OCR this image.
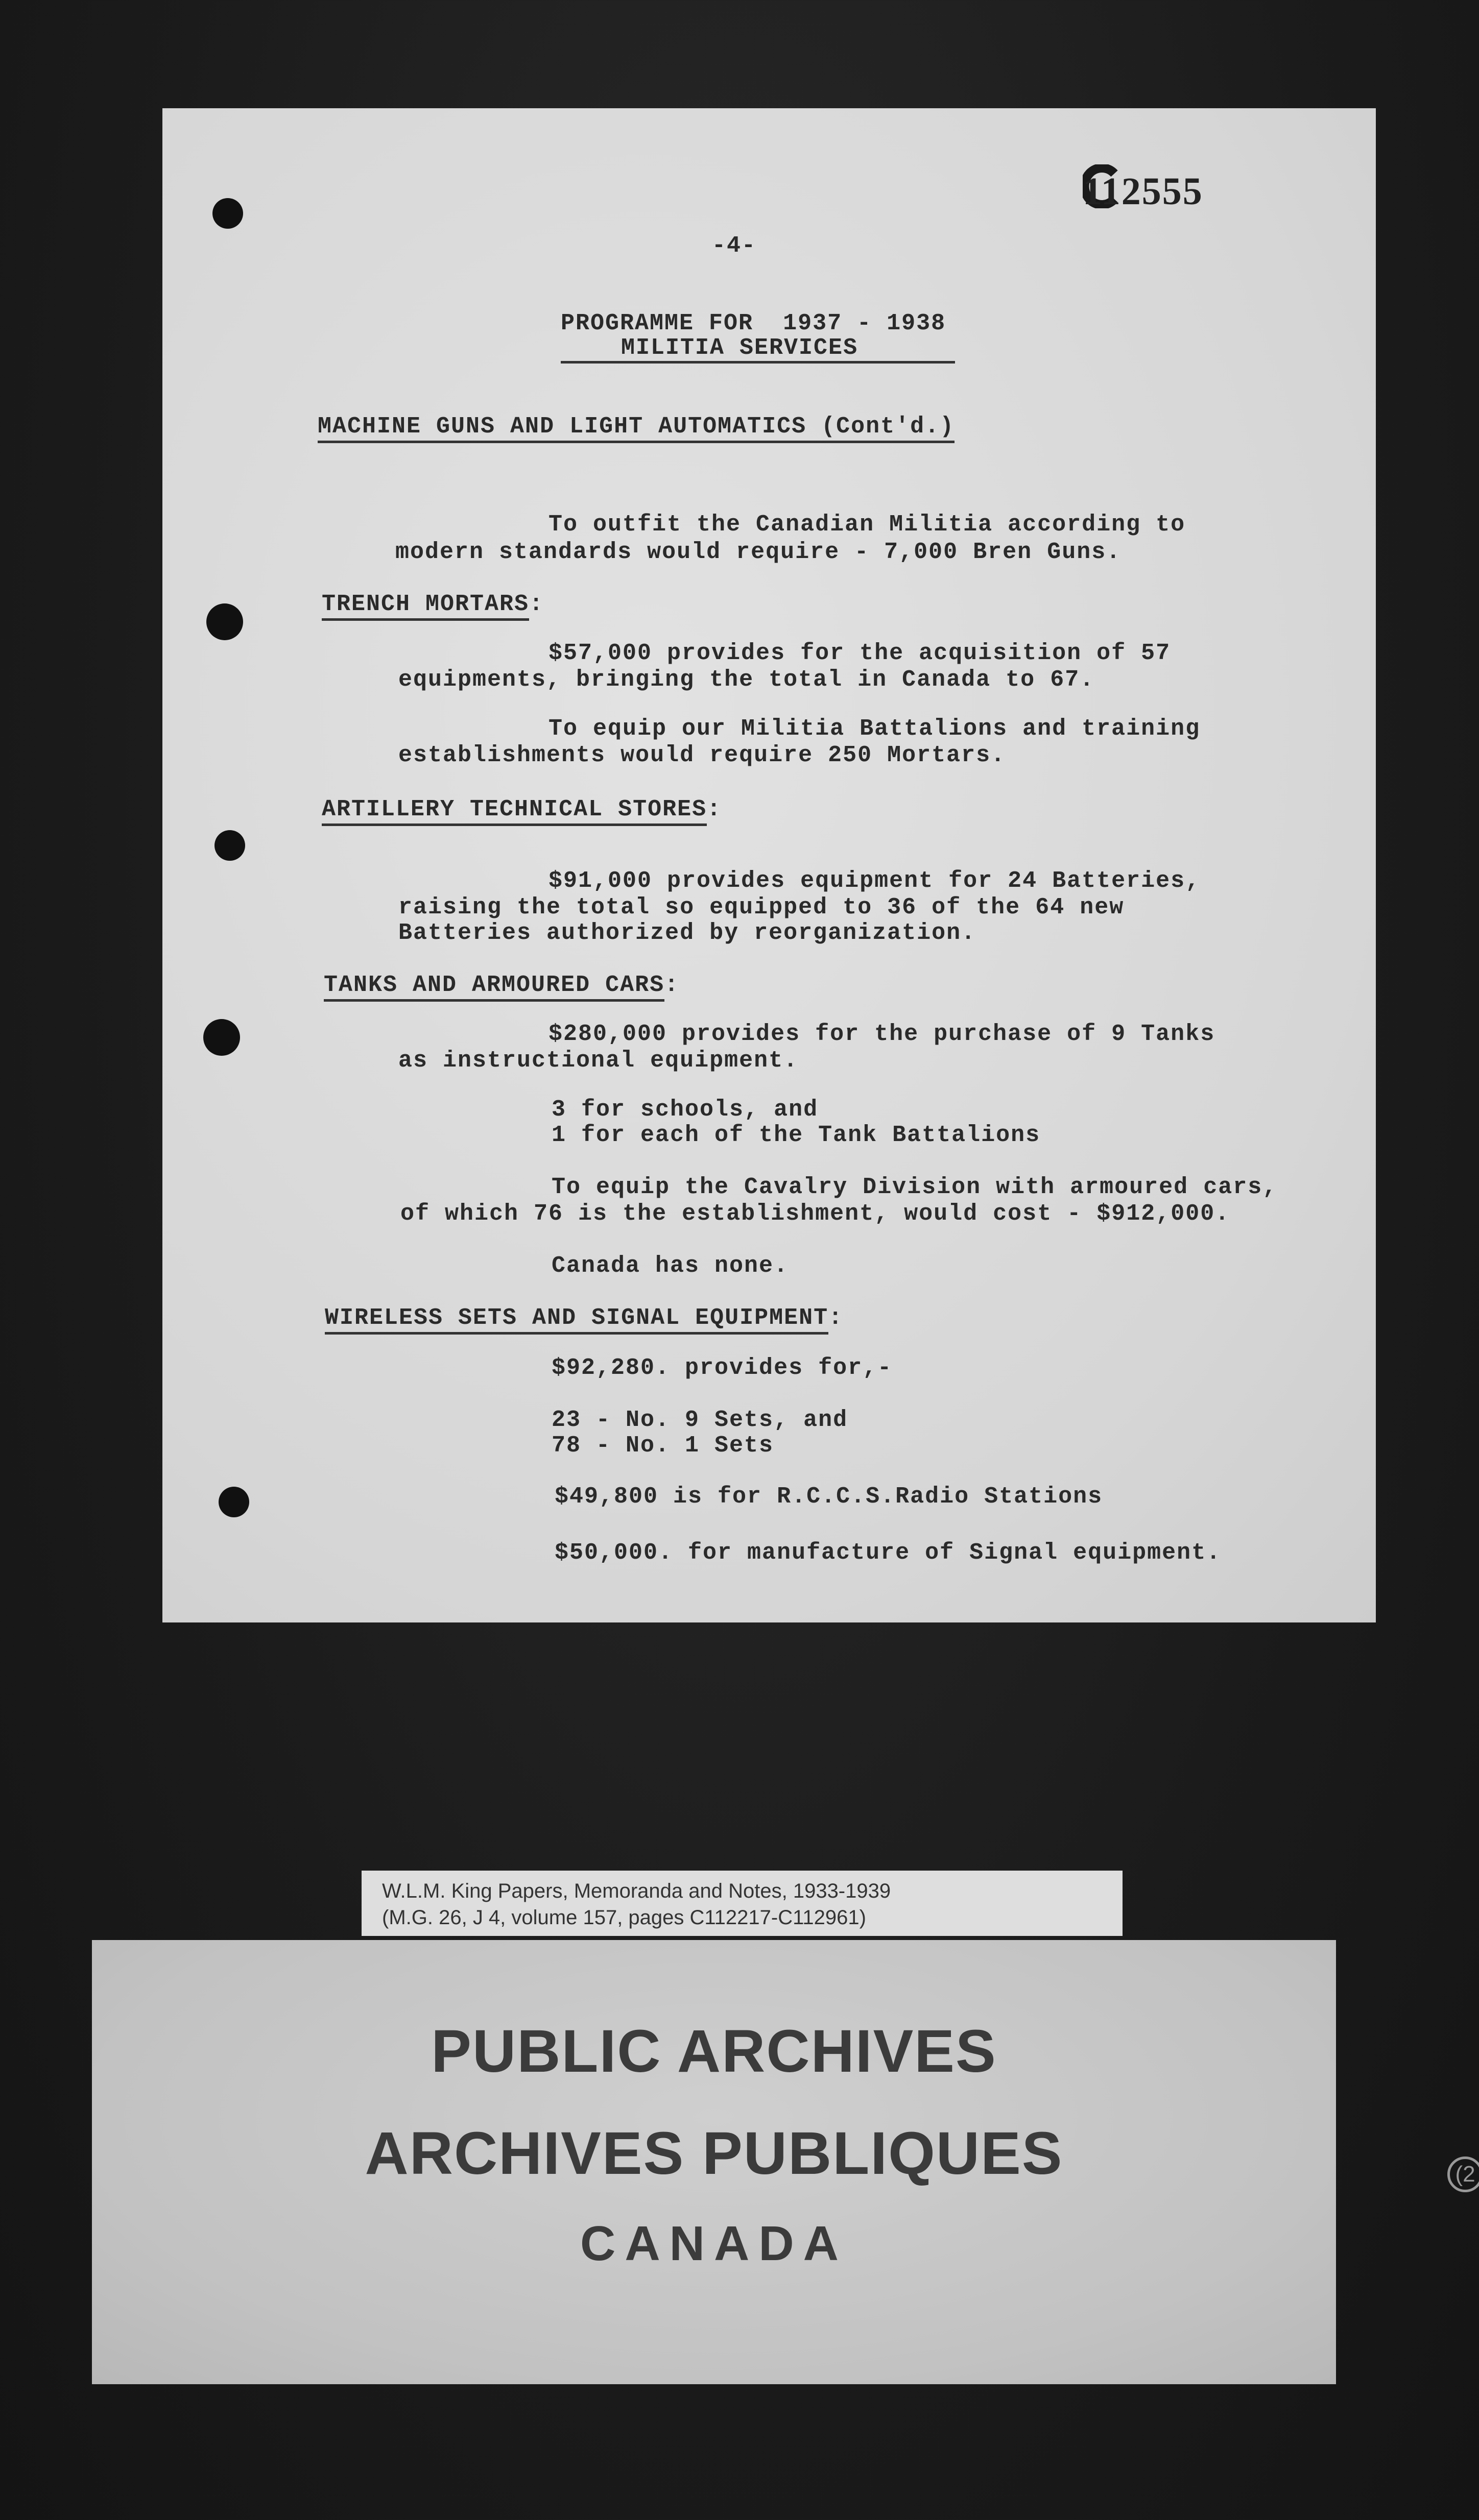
112555
-4-
PROGRAMME FOR  1937 - 1938
MILITIA SERVICES
MACHINE GUNS AND LIGHT AUTOMATICS (Cont'd.)
To outfit the Canadian Militia according to
modern standards would require - 7,000 Bren Guns.
TRENCH MORTARS:
$57,000 provides for the acquisition of 57
equipments, bringing the total in Canada to 67.
To equip our Militia Battalions and training
establishments would require 250 Mortars.
ARTILLERY TECHNICAL STORES:
$91,000 provides equipment for 24 Batteries,
raising the total so equipped to 36 of the 64 new
Batteries authorized by reorganization.
TANKS AND ARMOURED CARS:
$280,000 provides for the purchase of 9 Tanks
as instructional equipment.
3 for schools, and
1 for each of the Tank Battalions
To equip the Cavalry Division with armoured cars,
of which 76 is the establishment, would cost - $912,000.
Canada has none.
WIRELESS SETS AND SIGNAL EQUIPMENT:
$92,280. provides for,-
23 - No. 9 Sets, and
78 - No. 1 Sets
$49,800 is for R.C.C.S.Radio Stations
$50,000. for manufacture of Signal equipment.
W.L.M. King Papers, Memoranda and Notes, 1933-1939
(M.G. 26, J 4, volume 157, pages C112217-C112961)
PUBLIC ARCHIVES
ARCHIVES PUBLIQUES
CANADA
(2
